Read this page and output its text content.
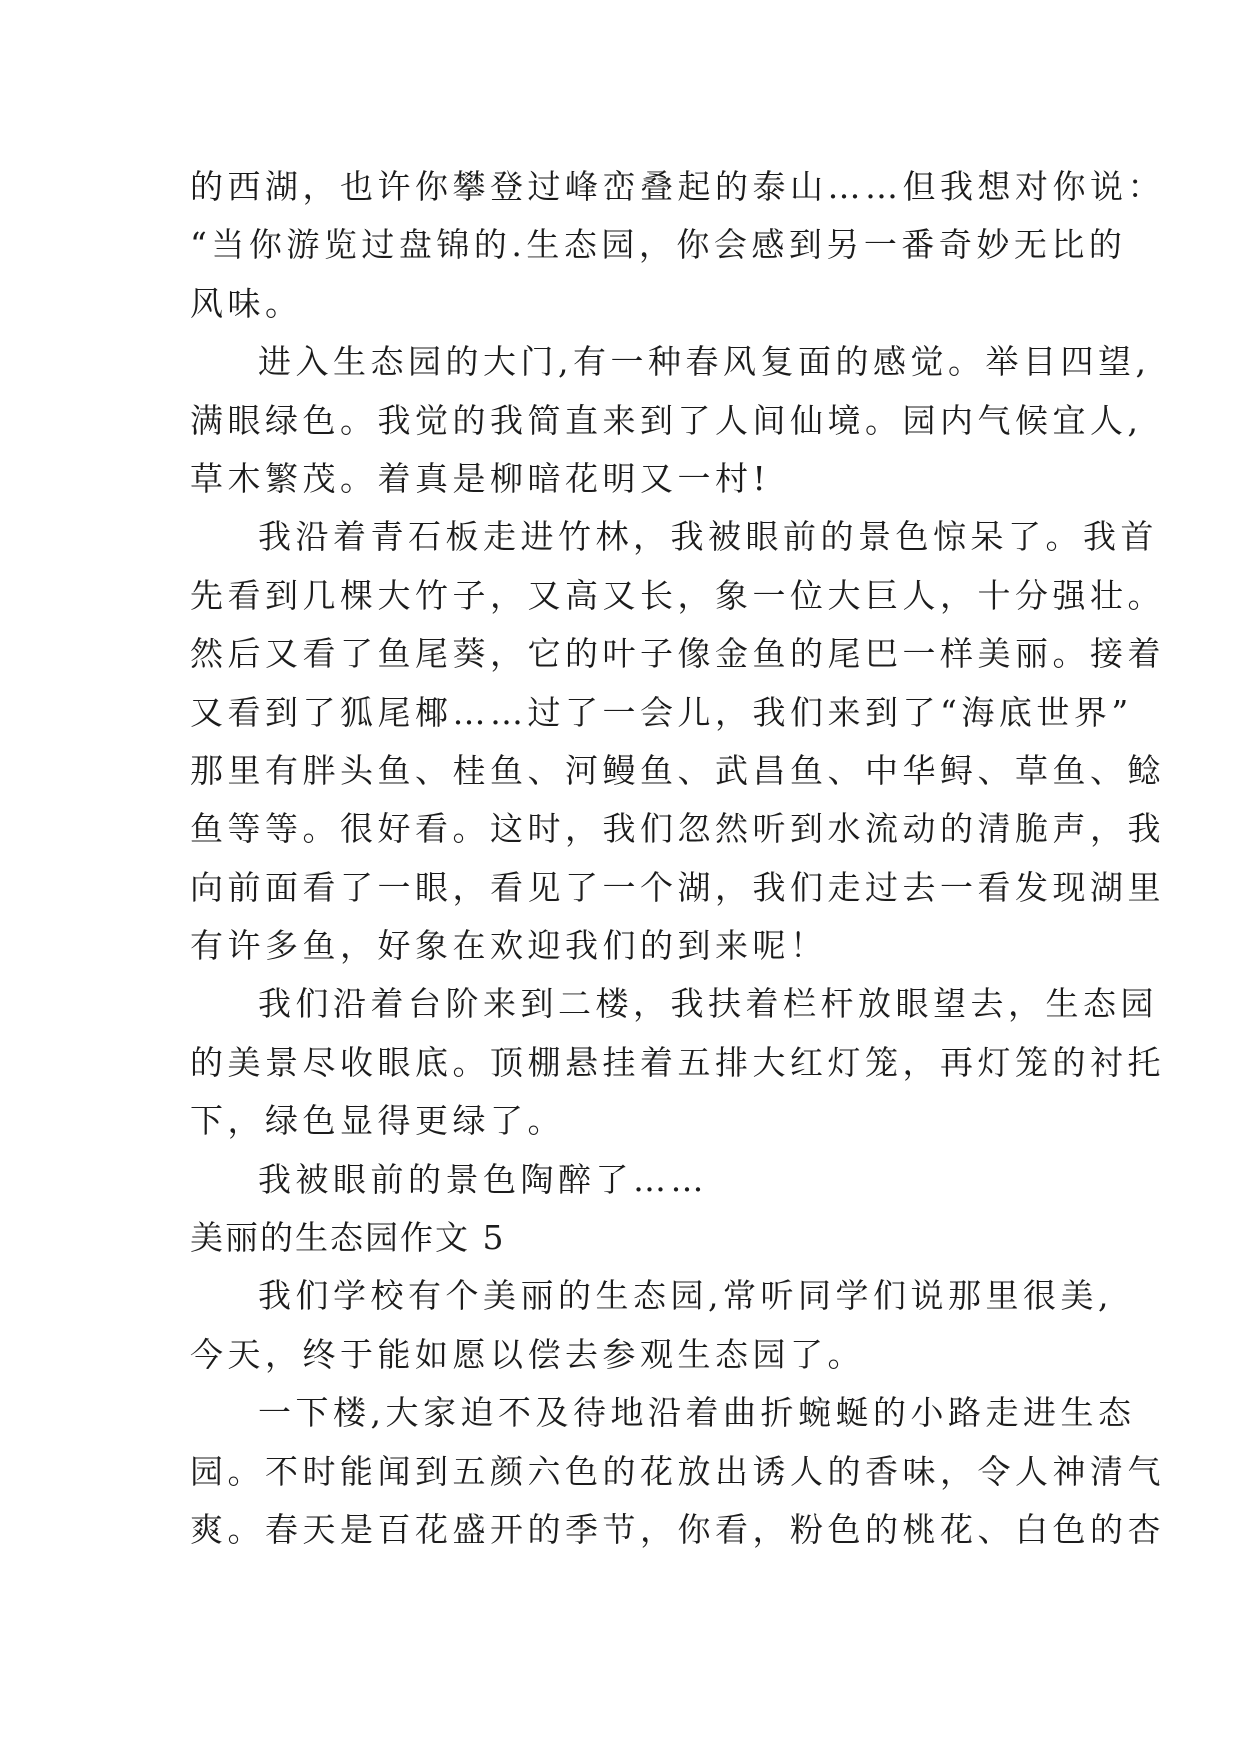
的西湖，也许你攀登过峰峦叠起的泰山……但我想对你说：
“当你游览过盘锦的.生态园，你会感到另一番奇妙无比的
风味。
进入生态园的大门,有一种春风复面的感觉。举目四望,
满眼绿色。我觉的我简直来到了人间仙境。园内气候宜人,
草木繁茂。着真是柳暗花明又一村!
我沿着青石板走进竹林，我被眼前的景色惊呆了。我首
先看到几棵大竹子，又高又长，象一位大巨人，十分强壮。
然后又看了鱼尾葵，它的叶子像金鱼的尾巴一样美丽。接着
又看到了狐尾椰……过了一会儿，我们来到了“海底世界”
那里有胖头鱼、桂鱼、河鳗鱼、武昌鱼、中华鲟、草鱼、鲶
鱼等等。很好看。这时，我们忽然听到水流动的清脆声，我
向前面看了一眼，看见了一个湖，我们走过去一看发现湖里
有许多鱼，好象在欢迎我们的到来呢！
我们沿着台阶来到二楼，我扶着栏杆放眼望去，生态园
的美景尽收眼底。顶棚悬挂着五排大红灯笼，再灯笼的衬托
下，绿色显得更绿了。
我被眼前的景色陶醉了……
美丽的生态园作文 5
我们学校有个美丽的生态园,常听同学们说那里很美,
今天，终于能如愿以偿去参观生态园了。
一下楼,大家迫不及待地沿着曲折蜿蜒的小路走进生态
园。不时能闻到五颜六色的花放出诱人的香味，令人神清气
爽。春天是百花盛开的季节，你看，粉色的桃花、白色的杏
